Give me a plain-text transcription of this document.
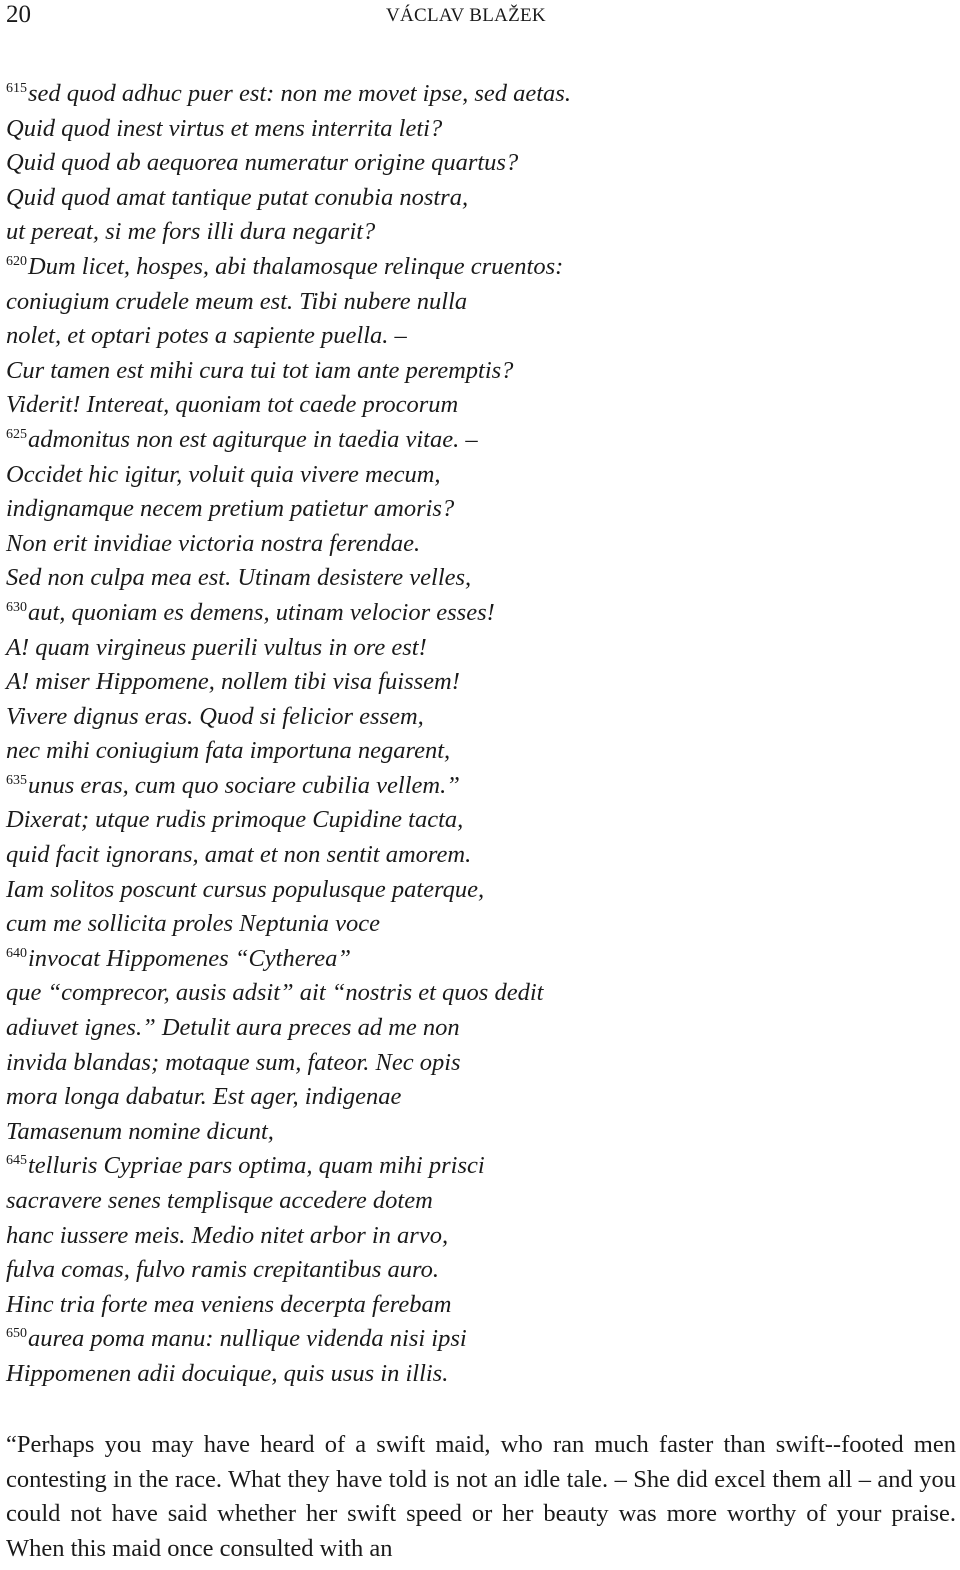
20	VÁCLAV BLAŽEK
$^{615}$sed quod adhuc puer est: non me movet ipse, sed aetas.
Quid quod inest virtus et mens interrita leti?
Quid quod ab aequorea numeratur origine quartus?
Quid quod amat tantique putat conubia nostra,
ut pereat, si me fors illi dura negarit?
$^{620}$Dum licet, hospes, abi thalamosque relinque cruentos:
coniugium crudele meum est. Tibi nubere nulla
nolet, et optari potes a sapiente puella. –
Cur tamen est mihi cura tui tot iam ante peremptis?
Viderit! Intereat, quoniam tot caede procorum
$^{625}$admonitus non est agiturque in taedia vitae. –
Occidet hic igitur, voluit quia vivere mecum,
indignamque necem pretium patietur amoris?
Non erit invidiae victoria nostra ferendae.
Sed non culpa mea est. Utinam desistere velles,
$^{630}$aut, quoniam es demens, utinam velocior esses!
A! quam virgineus puerili vultus in ore est!
A! miser Hippomene, nollem tibi visa fuissem!
Vivere dignus eras. Quod si felicior essem,
nec mihi coniugium fata importuna negarent,
$^{635}$unus eras, cum quo sociare cubilia vellem.”
Dixerat; utque rudis primoque Cupidine tacta,
quid facit ignorans, amat et non sentit amorem.
Iam solitos poscunt cursus populusque paterque,
cum me sollicita proles Neptunia voce
$^{640}$invocat Hippomenes “Cytherea”
que “comprecor, ausis adsit” ait “nostris et quos dedit
adiuvet ignes.” Detulit aura preces ad me non
invida blandas; motaque sum, fateor. Nec opis
mora longa dabatur. Est ager, indigenae
Tamasenum nomine dicunt,
$^{645}$telluris Cypriae pars optima, quam mihi prisci
sacravere senes templisque accedere dotem
hanc iussere meis. Medio nitet arbor in arvo,
fulva comas, fulvo ramis crepitantibus auro.
Hinc tria forte mea veniens decerpta ferebam
$^{650}$aurea poma manu: nullique videnda nisi ipsi
Hippomenen adii docuique, quis usus in illis.
“Perhaps you may have heard of a swift maid, who ran much faster than swift--footed men contesting in the race. What they have told is not an idle tale. – She did excel them all – and you could not have said whether her swift speed or her beauty was more worthy of your praise. When this maid once consulted with an
